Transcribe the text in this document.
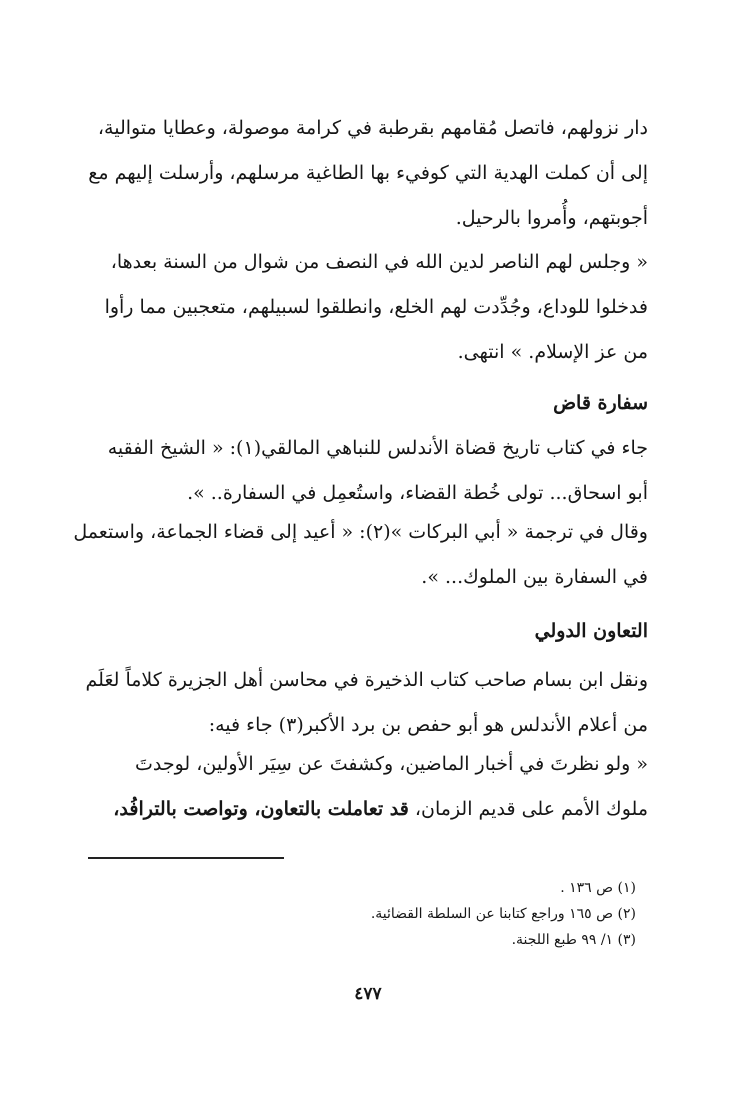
دار نزولهم، فاتصل مُقامهم بقرطبة في كرامة موصولة، وعطايا متوالية،
إلى أن كملت الهدية التي كوفيء بها الطاغية مرسلهم، وأرسلت إليهم مع
أجوبتهم، وأُمروا بالرحيل.
« وجلس لهم الناصر لدين الله في النصف من شوال من السنة بعدها،
فدخلوا للوداع، وجُدِّدت لهم الخلع، وانطلقوا لسبيلهم، متعجبين مما رأوا
من عز الإسلام. » انتهى.
سفارة قاض
جاء في كتاب تاريخ قضاة الأندلس للنباهي المالقي(١): « الشيخ الفقيه
أبو اسحاق... تولى خُطة القضاء، واستُعمِل في السفارة.. ».
وقال في ترجمة « أبي البركات »(٢): « أعيد إلى قضاء الجماعة، واستعمل
في السفارة بين الملوك... ».
التعاون الدولي
ونقل ابن بسام صاحب كتاب الذخيرة في محاسن أهل الجزيرة كلاماً لعَلَم
من أعلام الأندلس هو أبو حفص بن برد الأكبر(٣) جاء فيه:
« ولو نظرتَ في أخبار الماضين، وكشفتَ عن سِيَر الأولين، لوجدتَ
ملوك الأمم على قديم الزمان، قد تعاملت بالتعاون، وتواصت بالترافُد،
(١) ص ١٣٦ .
(٢) ص ١٦٥ وراجع كتابنا عن السلطة القضائية.
(٣) ١/ ٩٩ طبع اللجنة.
٤٧٧
